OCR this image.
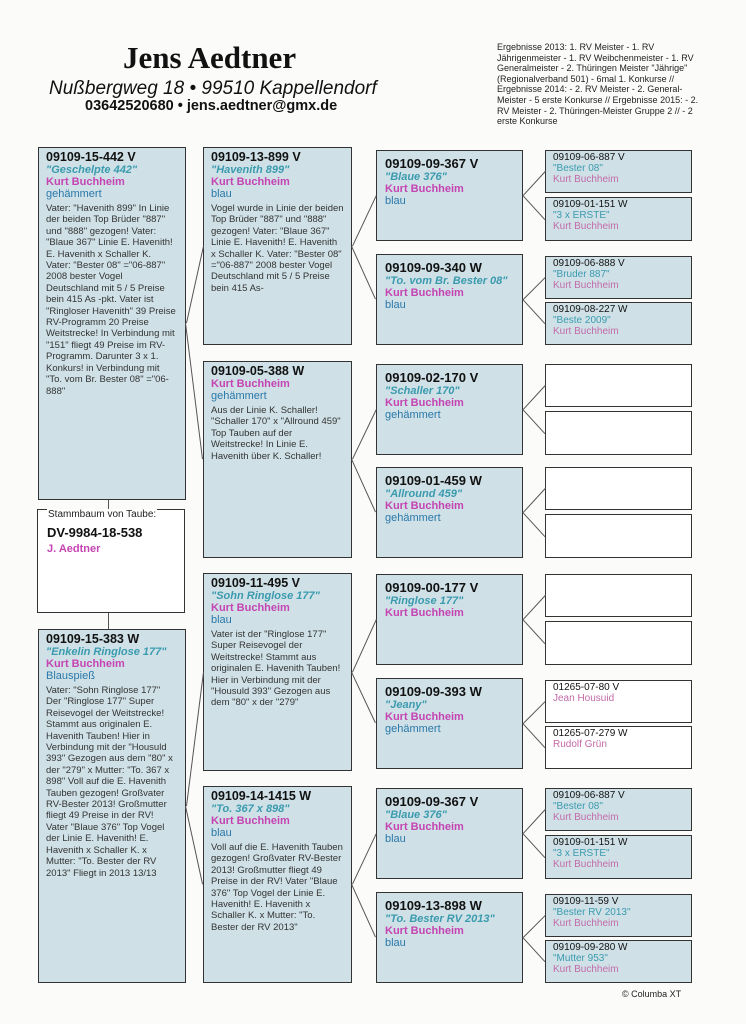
Jens Aedtner
Nußbergweg 18 • 99510 Kappellendorf
03642520680 • jens.aedtner@gmx.de
Ergebnisse 2013: 1. RV Meister - 1. RV Jährigenmeister - 1. RV Weibchenmeister - 1. RV Generalmeister - 2. Thüringen Meister "Jährige" (Regionalverband 501) - 6mal 1. Konkurse // Ergebnisse 2014: - 2. RV Meister - 2. General-Meister - 5 erste Konkurse // Ergebnisse 2015: - 2. RV Meister - 2. Thüringen-Meister Gruppe 2 // - 2 erste Konkurse
09109-15-442 V
"Geschelpte 442"
Kurt Buchheim
gehämmert
Vater: "Havenith 899" In Linie der beiden Top Brüder "887" und "888" gezogen! Vater: "Blaue 367" Linie E. Havenith! E. Havenith x Schaller K. Vater: "Bester 08" ="06-887" 2008 bester Vogel Deutschland mit 5 / 5 Preise bein 415 As -pkt. Vater ist "Ringloser Havenith" 39 Preise RV-Programm 20 Preise Weitstrecke! In Verbindung mit "151" fliegt 49 Preise im RV-Programm. Darunter 3 x 1. Konkurs! in Verbindung mit "To. vom Br. Bester 08" ="06-888"
Stammbaum von Taube:
DV-9984-18-538
J. Aedtner
09109-15-383 W
"Enkelin Ringlose 177"
Kurt Buchheim
Blauspieß
Vater: "Sohn Ringlose 177" Der "Ringlose 177" Super Reisevogel der Weitstrecke! Stammt aus originalen E. Havenith Tauben! Hier in Verbindung mit der "Housuld 393" Gezogen aus dem "80" x der "279" x Mutter: "To. 367 x 898" Voll auf die E. Havenith Tauben gezogen! Großvater RV-Bester 2013! Großmutter fliegt 49 Preise in der RV! Vater "Blaue 376" Top Vogel der Linie E. Havenith! E. Havenith x Schaller K. x Mutter: "To. Bester der RV 2013" Fliegt in 2013 13/13
09109-13-899 V
"Havenith 899"
Kurt Buchheim
blau
Vogel wurde in Linie der beiden Top Brüder "887" und "888" gezogen! Vater: "Blaue 367" Linie E. Havenith! E. Havenith x Schaller K. Vater: "Bester 08" ="06-887" 2008 bester Vogel Deutschland mit 5 / 5 Preise bein 415 As-
09109-05-388 W
Kurt Buchheim
gehämmert
Aus der Linie K. Schaller! "Schaller 170" x "Allround 459" Top Tauben auf der Weitstrecke! In Linie E. Havenith über K. Schaller!
09109-11-495 V
"Sohn Ringlose 177"
Kurt Buchheim
blau
Vater ist der "Ringlose 177" Super Reisevogel der Weitstrecke! Stammt aus originalen E. Havenith Tauben! Hier in Verbindung mit der "Housuld 393" Gezogen aus dem "80" x der "279"
09109-14-1415 W
"To. 367 x 898"
Kurt Buchheim
blau
Voll auf die E. Havenith Tauben gezogen! Großvater RV-Bester 2013! Großmutter fliegt 49 Preise in der RV! Vater "Blaue 376" Top Vogel der Linie E. Havenith! E. Havenith x Schaller K. x Mutter: "To. Bester der RV 2013"
09109-09-367 V
"Blaue 376"
Kurt Buchheim
blau
09109-09-340 W
"To. vom Br. Bester 08"
Kurt Buchheim
blau
09109-02-170 V
"Schaller 170"
Kurt Buchheim
gehämmert
09109-01-459 W
"Allround 459"
Kurt Buchheim
gehämmert
09109-00-177 V
"Ringlose 177"
Kurt Buchheim
09109-09-393 W
"Jeany"
Kurt Buchheim
gehämmert
09109-09-367 V
"Blaue 376"
Kurt Buchheim
blau
09109-13-898 W
"To. Bester RV 2013"
Kurt Buchheim
blau
09109-06-887 V
"Bester 08"
Kurt Buchheim
09109-01-151 W
"3 x ERSTE"
Kurt Buchheim
09109-06-888 V
"Bruder 887"
Kurt Buchheim
09109-08-227 W
"Beste 2009"
Kurt Buchheim
01265-07-80 V
Jean Housuid
01265-07-279 W
Rudolf Grün
09109-06-887 V
"Bester 08"
Kurt Buchheim
09109-01-151 W
"3 x ERSTE"
Kurt Buchheim
09109-11-59 V
"Bester RV 2013"
Kurt Buchheim
09109-09-280 W
"Mutter 953"
Kurt Buchheim
© Columba XT
